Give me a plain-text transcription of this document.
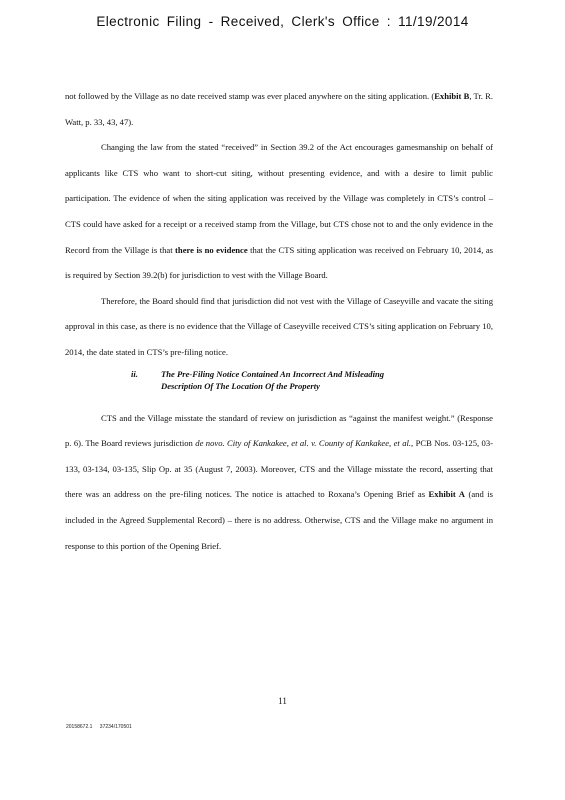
Electronic Filing - Received, Clerk's Office : 11/19/2014

not followed by the Village as no date received stamp was ever placed anywhere on the siting application. (Exhibit B, Tr. R. Watt, p. 33, 43, 47).

Changing the law from the stated “received” in Section 39.2 of the Act encourages gamesmanship on behalf of applicants like CTS who want to short-cut siting, without presenting evidence, and with a desire to limit public participation. The evidence of when the siting application was received by the Village was completely in CTS’s control – CTS could have asked for a receipt or a received stamp from the Village, but CTS chose not to and the only evidence in the Record from the Village is that there is no evidence that the CTS siting application was received on February 10, 2014, as is required by Section 39.2(b) for jurisdiction to vest with the Village Board.

Therefore, the Board should find that jurisdiction did not vest with the Village of Caseyville and vacate the siting approval in this case, as there is no evidence that the Village of Caseyville received CTS’s siting application on February 10, 2014, the date stated in CTS’s pre-filing notice.

ii.	The Pre-Filing Notice Contained An Incorrect And Misleading
Description Of The Location Of the Property

CTS and the Village misstate the standard of review on jurisdiction as “against the manifest weight.” (Response p. 6). The Board reviews jurisdiction de novo. City of Kankakee, et al. v. County of Kankakee, et al., PCB Nos. 03-125, 03-133, 03-134, 03-135, Slip Op. at 35 (August 7, 2003). Moreover, CTS and the Village misstate the record, asserting that there was an address on the pre-filing notices. The notice is attached to Roxana’s Opening Brief as Exhibit A (and is included in the Agreed Supplemental Record) – there is no address. Otherwise, CTS and the Village make no argument in response to this portion of the Opening Brief.

11
20158672.1 37234/170501
